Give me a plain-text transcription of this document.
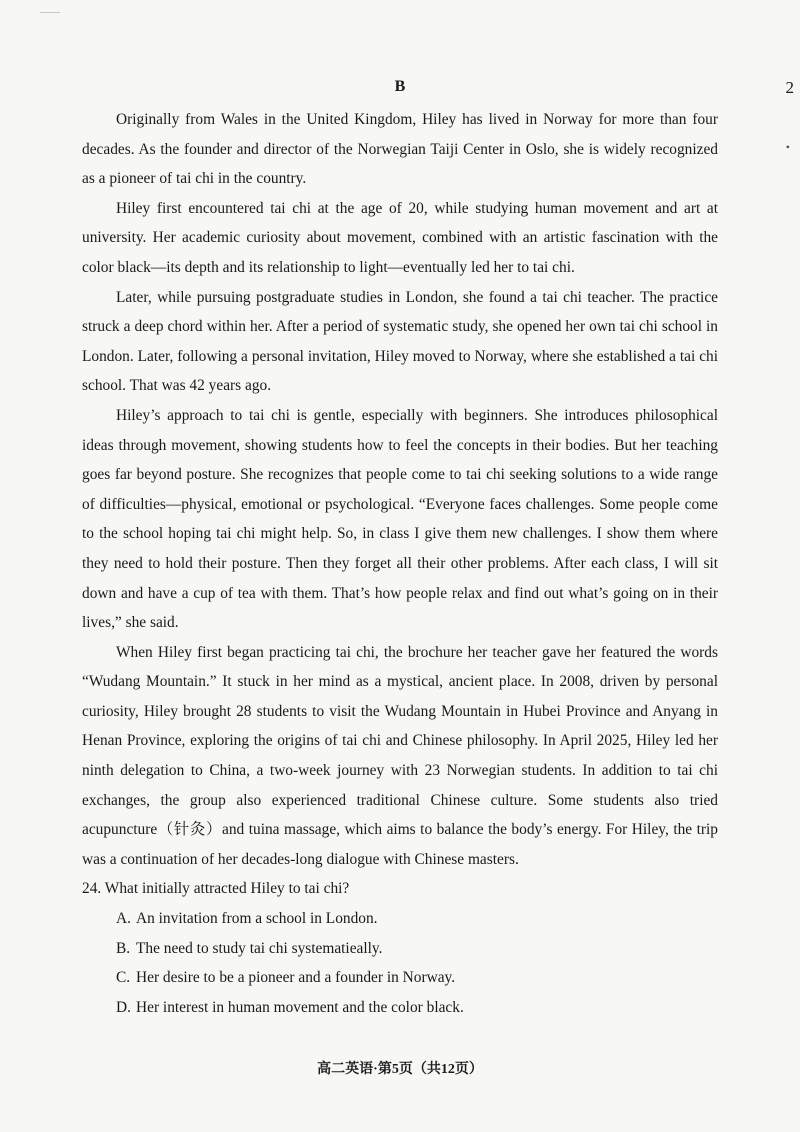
2
•
B

Originally from Wales in the United Kingdom, Hiley has lived in Norway for more than four decades. As the founder and director of the Norwegian Taiji Center in Oslo, she is widely recognized as a pioneer of tai chi in the country.

Hiley first encountered tai chi at the age of 20, while studying human movement and art at university. Her academic curiosity about movement, combined with an artistic fascination with the color black—its depth and its relationship to light—eventually led her to tai chi.

Later, while pursuing postgraduate studies in London, she found a tai chi teacher. The practice struck a deep chord within her. After a period of systematic study, she opened her own tai chi school in London. Later, following a personal invitation, Hiley moved to Norway, where she established a tai chi school. That was 42 years ago.

Hiley’s approach to tai chi is gentle, especially with beginners. She introduces philosophical ideas through movement, showing students how to feel the concepts in their bodies. But her teaching goes far beyond posture. She recognizes that people come to tai chi seeking solutions to a wide range of difficulties—physical, emotional or psychological. “Everyone faces challenges. Some people come to the school hoping tai chi might help. So, in class I give them new challenges. I show them where they need to hold their posture. Then they forget all their other problems. After each class, I will sit down and have a cup of tea with them. That’s how people relax and find out what’s going on in their lives,” she said.

When Hiley first began practicing tai chi, the brochure her teacher gave her featured the words “Wudang Mountain.” It stuck in her mind as a mystical, ancient place. In 2008, driven by personal curiosity, Hiley brought 28 students to visit the Wudang Mountain in Hubei Province and Anyang in Henan Province, exploring the origins of tai chi and Chinese philosophy. In April 2025, Hiley led her ninth delegation to China, a two-week journey with 23 Norwegian students. In addition to tai chi exchanges, the group also experienced traditional Chinese culture. Some students also tried acupuncture（针灸）and tuina massage, which aims to balance the body’s energy. For Hiley, the trip was a continuation of her decades-long dialogue with Chinese masters.

24. What initially attracted Hiley to tai chi?

A. An invitation from a school in London.
B. The need to study tai chi systematieally.
C. Her desire to be a pioneer and a founder in Norway.
D. Her interest in human movement and the color black.
高二英语·第5页（共12页）
